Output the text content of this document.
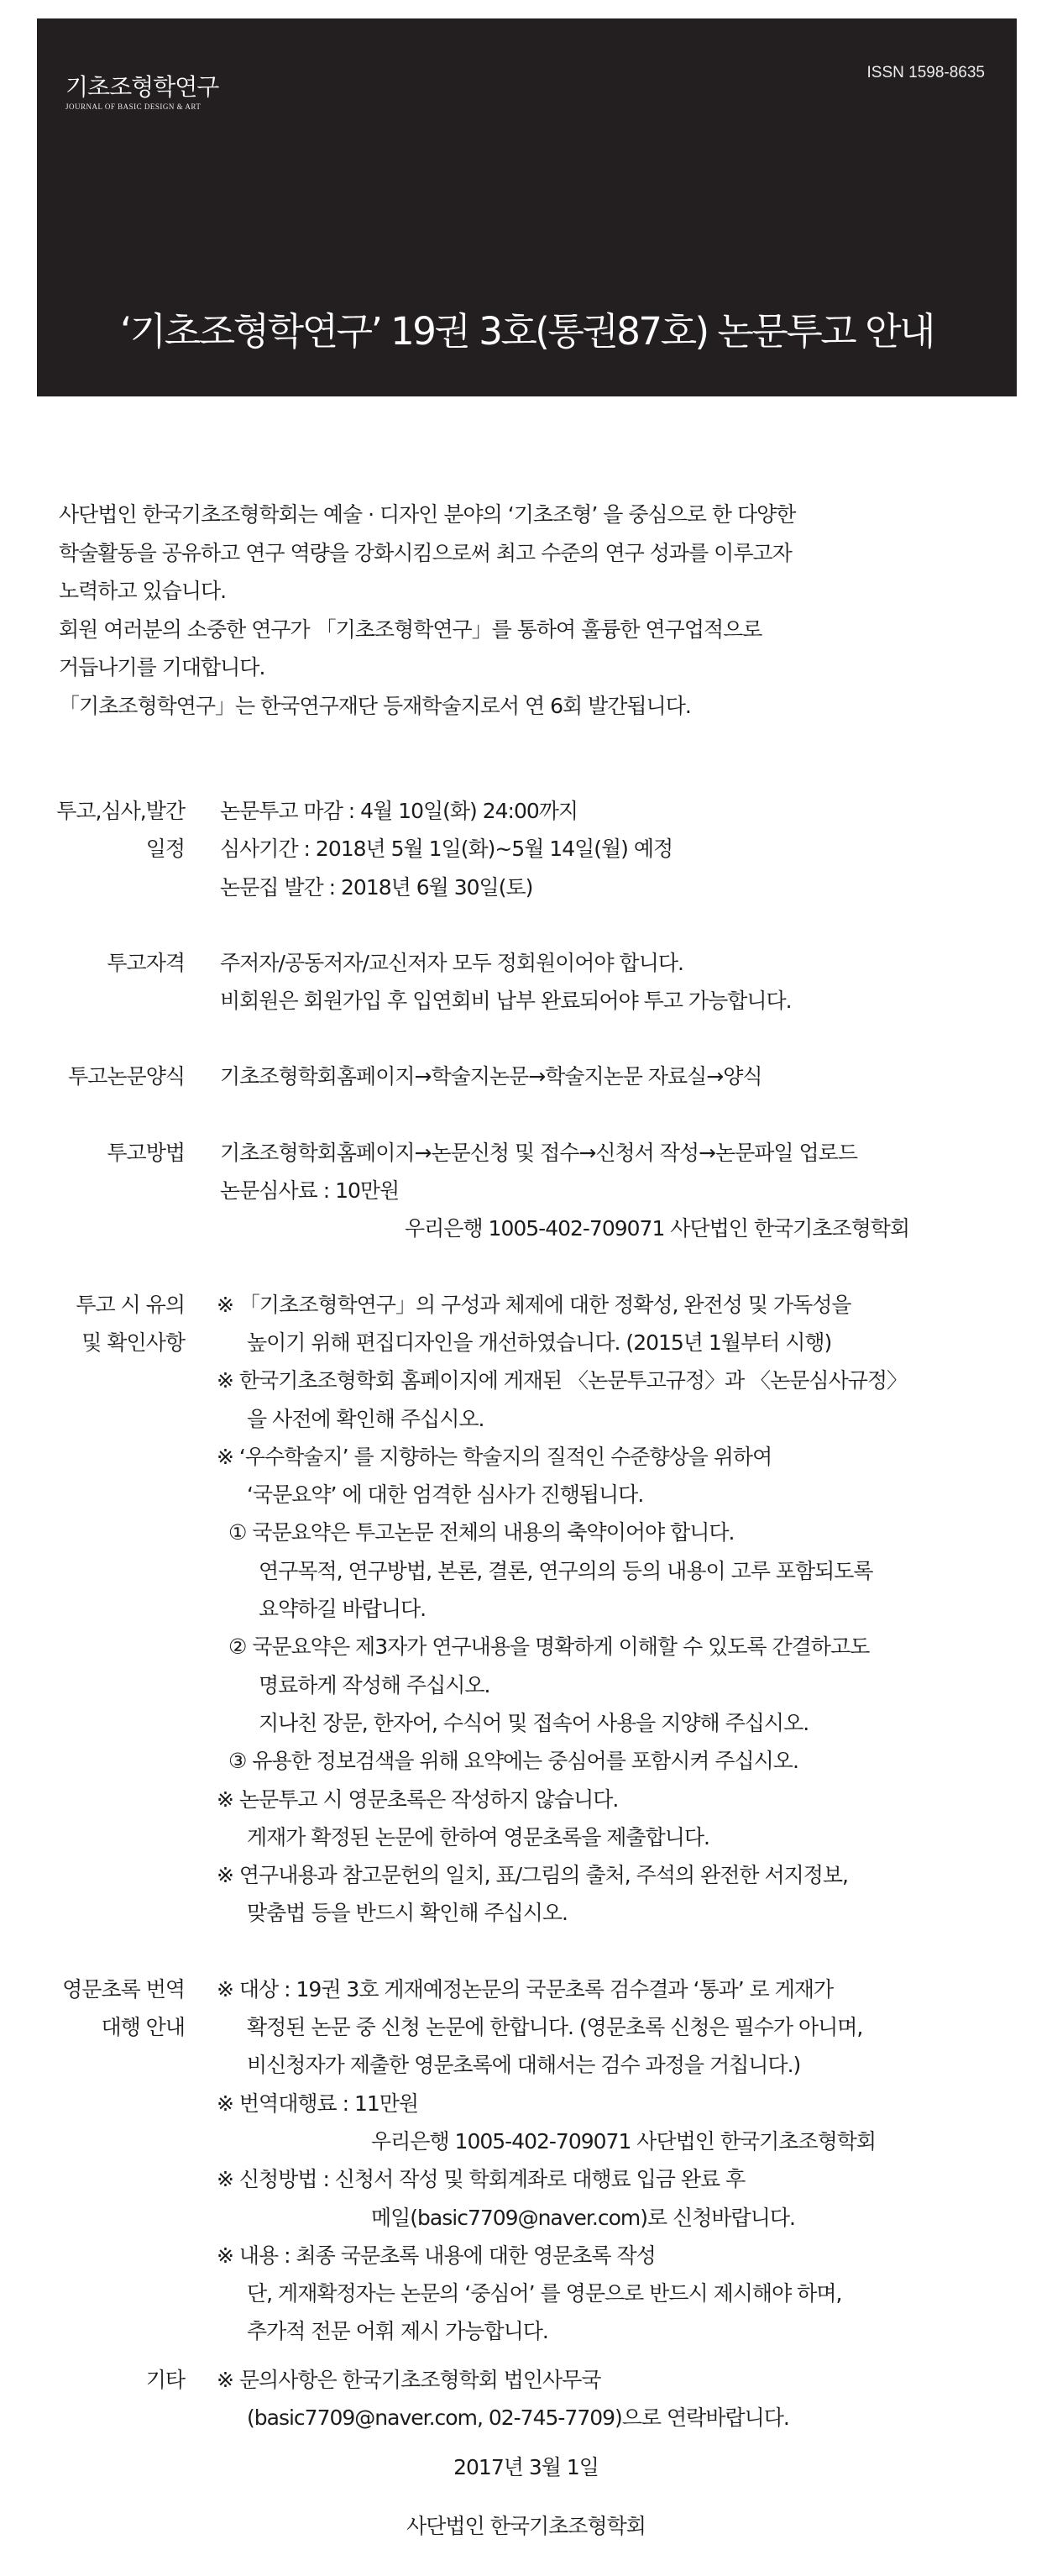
기초조형학연구
JOURNAL OF BASIC DESIGN & ART
ISSN 1598-8635
‘기초조형학연구’ 19권 3호(통권87호) 논문투고 안내
사단법인 한국기초조형학회는 예술 · 디자인 분야의 ‘기초조형’ 을 중심으로 한 다양한
학술활동을 공유하고 연구 역량을 강화시킴으로써 최고 수준의 연구 성과를 이루고자
노력하고 있습니다.
회원 여러분의 소중한 연구가 「기초조형학연구」를 통하여 훌륭한 연구업적으로
거듭나기를 기대합니다.
「기초조형학연구」는 한국연구재단 등재학술지로서 연 6회 발간됩니다.
투고,심사,발간
일정
논문투고 마감 : 4월 10일(화) 24:00까지
심사기간 : 2018년 5월 1일(화)~5월 14일(월) 예정
논문집 발간 : 2018년 6월 30일(토)
투고자격 주저자/공동저자/교신저자 모두 정회원이어야 합니다.
비회원은 회원가입 후 입연회비 납부 완료되어야 투고 가능합니다.
투고논문양식 기초조형학회홈페이지→학술지논문→학술지논문 자료실→양식
투고방법 기초조형학회홈페이지→논문신청 및 접수→신청서 작성→논문파일 업로드
논문심사료 : 10만원
우리은행 1005-402-709071 사단법인 한국기초조형학회
투고 시 유의
및 확인사항
※ 「기초조형학연구」의 구성과 체제에 대한 정확성, 완전성 및 가독성을
높이기 위해 편집디자인을 개선하였습니다. (2015년 1월부터 시행)
※ 한국기초조형학회 홈페이지에 게재된 〈논문투고규정〉과 〈논문심사규정〉
을 사전에 확인해 주십시오.
※ ‘우수학술지’ 를 지향하는 학술지의 질적인 수준향상을 위하여
‘국문요약’ 에 대한 엄격한 심사가 진행됩니다.
① 국문요약은 투고논문 전체의 내용의 축약이어야 합니다.
연구목적, 연구방법, 본론, 결론, 연구의의 등의 내용이 고루 포함되도록
요약하길 바랍니다.
② 국문요약은 제3자가 연구내용을 명확하게 이해할 수 있도록 간결하고도
명료하게 작성해 주십시오.
지나친 장문, 한자어, 수식어 및 접속어 사용을 지양해 주십시오.
③ 유용한 정보검색을 위해 요약에는 중심어를 포함시켜 주십시오.
※ 논문투고 시 영문초록은 작성하지 않습니다.
게재가 확정된 논문에 한하여 영문초록을 제출합니다.
※ 연구내용과 참고문헌의 일치, 표/그림의 출처, 주석의 완전한 서지정보,
맞춤법 등을 반드시 확인해 주십시오.
영문초록 번역
대행 안내
※ 대상 : 19권 3호 게재예정논문의 국문초록 검수결과 ‘통과’ 로 게재가
확정된 논문 중 신청 논문에 한합니다. (영문초록 신청은 필수가 아니며,
비신청자가 제출한 영문초록에 대해서는 검수 과정을 거칩니다.)
※ 번역대행료 : 11만원
우리은행 1005-402-709071 사단법인 한국기초조형학회
※ 신청방법 : 신청서 작성 및 학회계좌로 대행료 입금 완료 후
메일(basic7709@naver.com)로 신청바랍니다.
※ 내용 : 최종 국문초록 내용에 대한 영문초록 작성
단, 게재확정자는 논문의 ‘중심어’ 를 영문으로 반드시 제시해야 하며,
추가적 전문 어휘 제시 가능합니다.
기타 ※ 문의사항은 한국기초조형학회 법인사무국
(basic7709@naver.com, 02-745-7709)으로 연락바랍니다.
2017년 3월 1일
사단법인 한국기초조형학회
